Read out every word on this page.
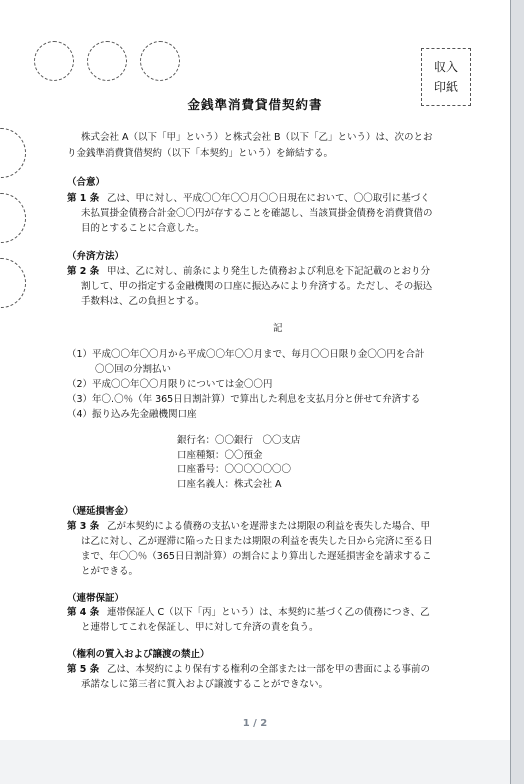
収入
印紙
金銭準消費貸借契約書
株式会社 A（以下「甲」という）と株式会社 B（以下「乙」という）は、次のとお
り金銭準消費貸借契約（以下「本契約」という）を締結する。
（合意）
第 1 条 乙は、甲に対し、平成〇〇年〇〇月〇〇日現在において、〇〇取引に基づく
未払買掛金債務合計金〇〇円が存することを確認し、当該買掛金債務を消費貸借の
目的とすることに合意した。
（弁済方法）
第 2 条 甲は、乙に対し、前条により発生した債務および利息を下記記載のとおり分
割して、甲の指定する金融機関の口座に振込みにより弁済する。ただし、その振込
手数料は、乙の負担とする。
記
（1）平成〇〇年〇〇月から平成〇〇年〇〇月まで、毎月〇〇日限り金〇〇円を合計
〇〇回の分割払い
（2）平成〇〇年〇〇月限りについては金〇〇円
（3）年〇.〇％（年 365日日割計算）で算出した利息を支払月分と併せて弁済する
（4）振り込み先金融機関口座
銀行名：〇〇銀行　〇〇支店
口座種類：〇〇預金
口座番号：〇〇〇〇〇〇〇
口座名義人：株式会社 A
（遅延損害金）
第 3 条 乙が本契約による債務の支払いを遅滞または期限の利益を喪失した場合、甲
は乙に対し、乙が遅滞に陥った日または期限の利益を喪失した日から完済に至る日
まで、年〇〇％（365日日割計算）の割合により算出した遅延損害金を請求するこ
とができる。
（連帯保証）
第 4 条 連帯保証人 C（以下「丙」という）は、本契約に基づく乙の債務につき、乙
と連帯してこれを保証し、甲に対して弁済の責を負う。
（権利の質入および譲渡の禁止）
第 5 条 乙は、本契約により保有する権利の全部または一部を甲の書面による事前の
承諾なしに第三者に質入および譲渡することができない。
1 / 2
